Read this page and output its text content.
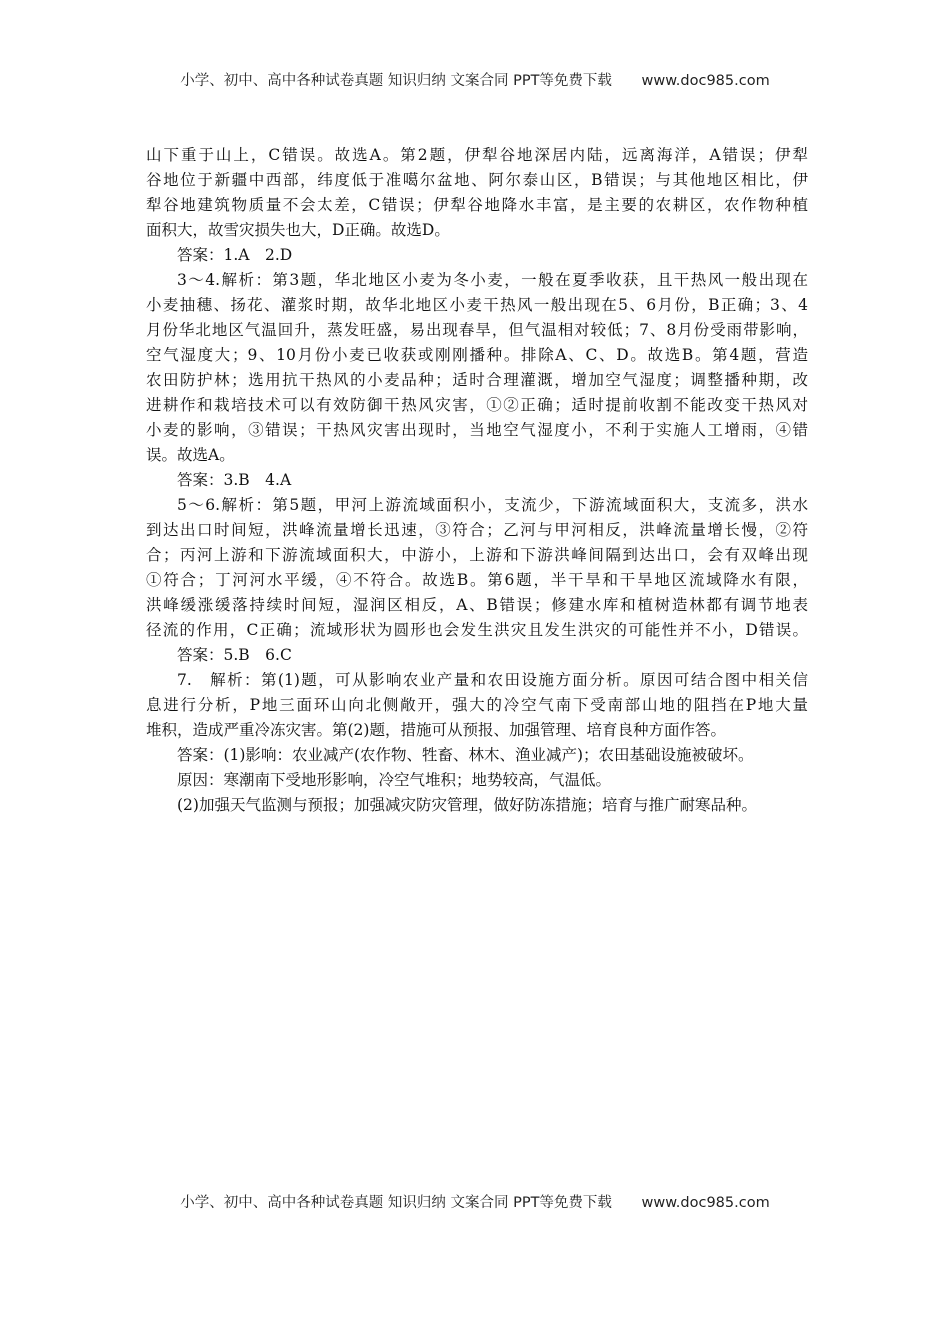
小学、初中、高中各种试卷真题 知识归纳 文案合同 PPT等免费下载 www.doc985.com
山下重于山上，C错误。故选A。第2题，伊犁谷地深居内陆，远离海洋，A错误；伊犁
谷地位于新疆中西部，纬度低于准噶尔盆地、阿尔泰山区，B错误；与其他地区相比，伊
犁谷地建筑物质量不会太差，C错误；伊犁谷地降水丰富，是主要的农耕区，农作物种植
面积大，故雪灾损失也大，D正确。故选D。
答案：1.A　2.D
3～4.解析：第3题，华北地区小麦为冬小麦，一般在夏季收获，且干热风一般出现在
小麦抽穗、扬花、灌浆时期，故华北地区小麦干热风一般出现在5、6月份，B正确；3、4
月份华北地区气温回升，蒸发旺盛，易出现春旱，但气温相对较低；7、8月份受雨带影响，
空气湿度大；9、10月份小麦已收获或刚刚播种。排除A、C、D。故选B。第4题，营造
农田防护林；选用抗干热风的小麦品种；适时合理灌溉，增加空气湿度；调整播种期，改
进耕作和栽培技术可以有效防御干热风灾害，①②正确；适时提前收割不能改变干热风对
小麦的影响，③错误；干热风灾害出现时，当地空气湿度小，不利于实施人工增雨，④错
误。故选A。
答案：3.B　4.A
5～6.解析：第5题，甲河上游流域面积小，支流少，下游流域面积大，支流多，洪水
到达出口时间短，洪峰流量增长迅速，③符合；乙河与甲河相反，洪峰流量增长慢，②符
合；丙河上游和下游流域面积大，中游小，上游和下游洪峰间隔到达出口，会有双峰出现
①符合；丁河河水平缓，④不符合。故选B。第6题，半干旱和干旱地区流域降水有限，
洪峰缓涨缓落持续时间短，湿润区相反，A、B错误；修建水库和植树造林都有调节地表
径流的作用，C正确；流域形状为圆形也会发生洪灾且发生洪灾的可能性并不小，D错误。
答案：5.B　6.C
7.　解析：第(1)题，可从影响农业产量和农田设施方面分析。原因可结合图中相关信
息进行分析，P地三面环山向北侧敞开，强大的冷空气南下受南部山地的阻挡在P地大量
堆积，造成严重冷冻灾害。第(2)题，措施可从预报、加强管理、培育良种方面作答。
答案：(1)影响：农业减产(农作物、牲畜、林木、渔业减产)；农田基础设施被破坏。
原因：寒潮南下受地形影响，冷空气堆积；地势较高，气温低。
(2)加强天气监测与预报；加强减灾防灾管理，做好防冻措施；培育与推广耐寒品种。
小学、初中、高中各种试卷真题 知识归纳 文案合同 PPT等免费下载 www.doc985.com
